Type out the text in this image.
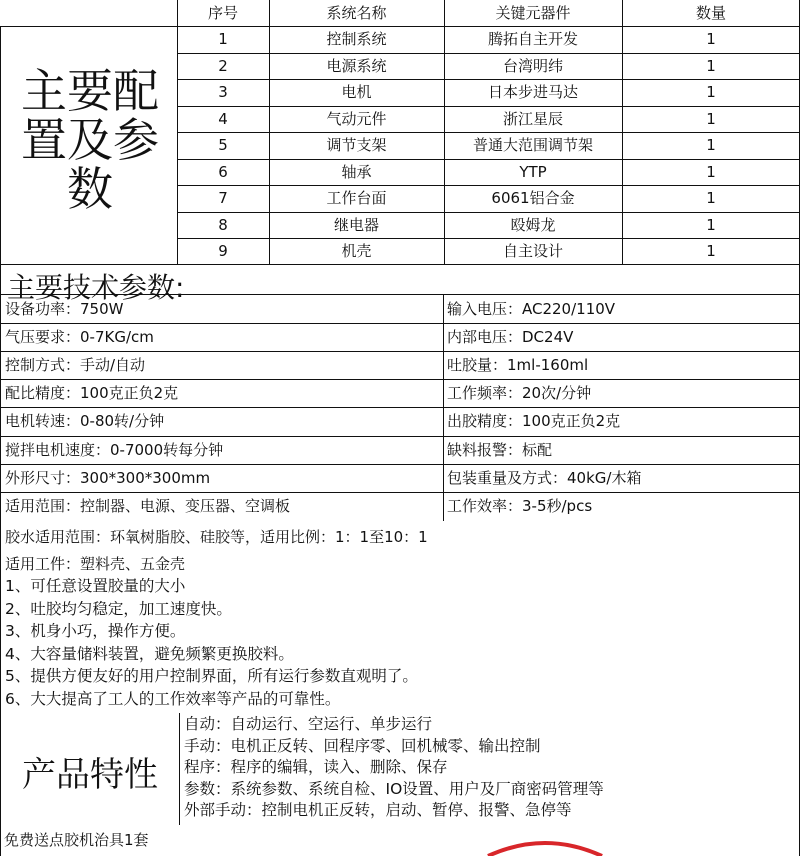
主要配置及参数
序号	系统名称	关键元器件	数量
1	控制系统	腾拓自主开发	1
2	电源系统	台湾明纬	1
3	电机	日本步进马达	1
4	气动元件	浙江星辰	1
5	调节支架	普通大范围调节架	1
6	轴承	YTP	1
7	工作台面	6061铝合金	1
8	继电器	殴姆龙	1
9	机壳	自主设计	1
主要技术参数:
设备功率：750W	输入电压：AC220/110V
气压要求：0-7KG/cm	内部电压：DC24V
控制方式：手动/自动	吐胶量：1ml-160ml
配比精度：100克正负2克	工作频率：20次/分钟
电机转速：0-80转/分钟	出胶精度：100克正负2克
搅拌电机速度：0-7000转每分钟	缺料报警：标配
外形尺寸：300*300*300mm	包装重量及方式：40kG/木箱
适用范围：控制器、电源、变压器、空调板	工作效率：3-5秒/pcs
胶水适用范围：环氧树脂胶、硅胶等，适用比例：1：1至10：1
适用工件：塑料壳、五金壳
1、可任意设置胶量的大小
2、吐胶均匀稳定，加工速度快。
3、机身小巧，操作方便。
4、大容量储料装置，避免频繁更换胶料。
5、提供方便友好的用户控制界面，所有运行参数直观明了。
6、大大提高了工人的工作效率等产品的可靠性。
产品特性
自动：自动运行、空运行、单步运行
手动：电机正反转、回程序零、回机械零、输出控制
程序：程序的编辑，读入、删除、保存
参数：系统参数、系统自检、IO设置、用户及厂商密码管理等
外部手动：控制电机正反转，启动、暂停、报警、急停等
免费送点胶机治具1套
